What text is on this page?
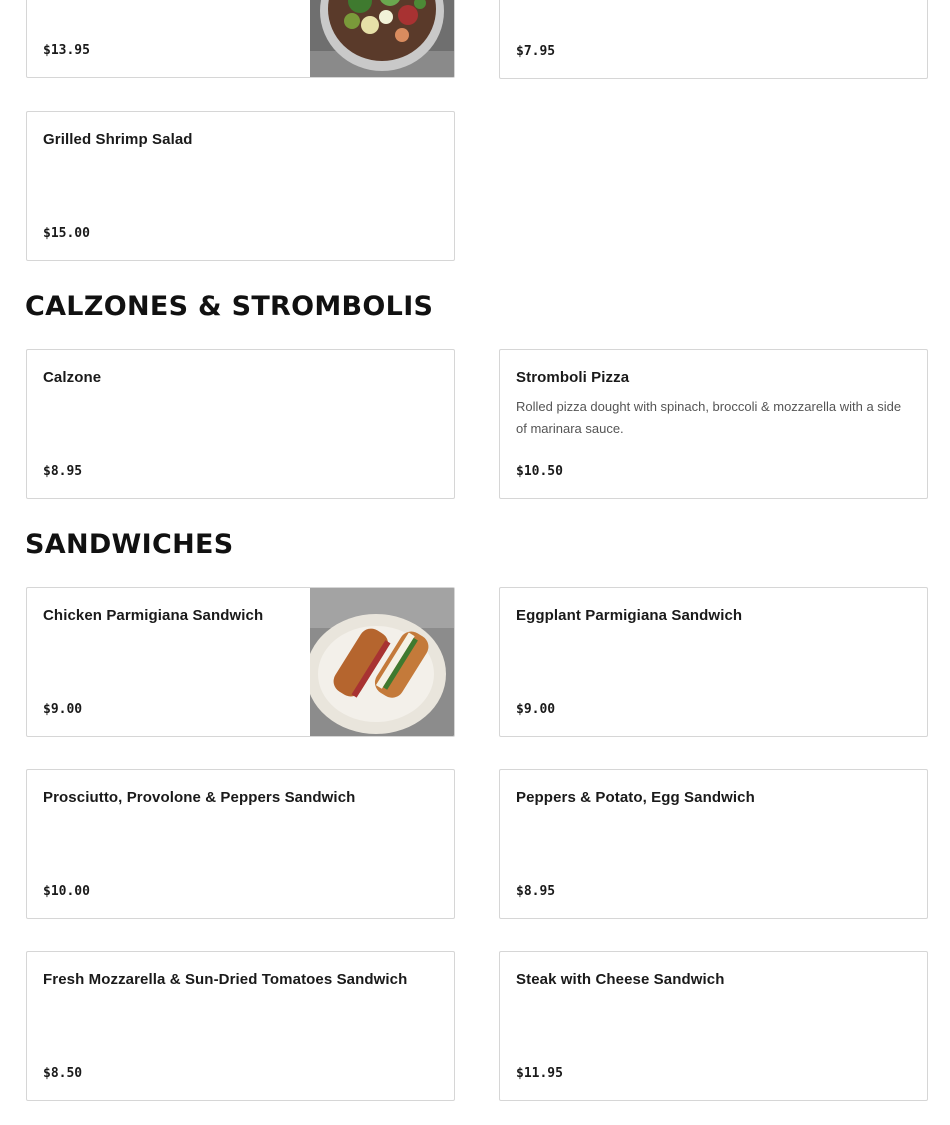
$13.95	$7.95
Grilled Shrimp Salad
$15.00
CALZONES & STROMBOLIS
Calzone
$8.95
Stromboli Pizza
Rolled pizza dought with spinach, broccoli & mozzarella with a side of marinara sauce.
$10.50
SANDWICHES
Chicken Parmigiana Sandwich
$9.00
Eggplant Parmigiana Sandwich
$9.00
Prosciutto, Provolone & Peppers Sandwich
$10.00
Peppers & Potato, Egg Sandwich
$8.95
Fresh Mozzarella & Sun-Dried Tomatoes Sandwich
$8.50
Steak with Cheese Sandwich
$11.95
